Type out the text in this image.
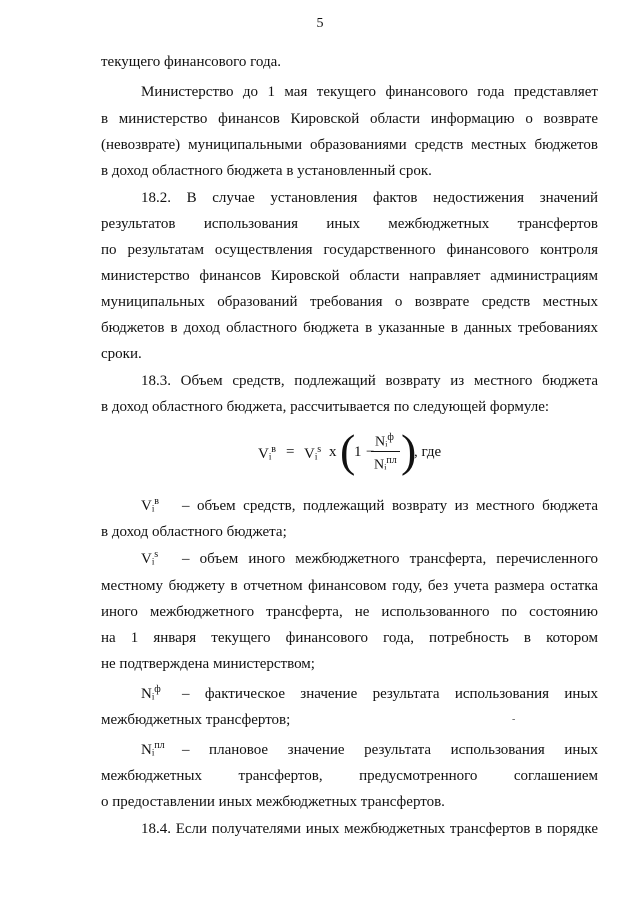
5
текущего финансового года.
Министерство до 1 мая текущего финансового года представляет
в министерство финансов Кировской области информацию о возврате
(невозврате) муниципальными образованиями средств местных бюджетов
в доход областного бюджета в установленный срок.
18.2. В случае установления фактов недостижения значений
результатов использования иных межбюджетных трансфертов
по результатам осуществления государственного финансового контроля
министерство финансов Кировской области направляет администрациям
муниципальных образований требования о возврате средств местных
бюджетов в доход областного бюджета в указанные в данных требованиях
сроки.
18.3. Объем средств, подлежащий возврату из местного бюджета
в доход областного бюджета, рассчитывается по следующей формуле:
Vᵢ$^в$ = Vᵢ$^s$ x (
1 −
Nᵢ$^ф$
Nᵢ$^{пл}$ )
, где
Vᵢ$^в$ – объем средств, подлежащий возврату из местного бюджета
в доход областного бюджета;
Vᵢ$^s$ – объем иного межбюджетного трансферта, перечисленного
местному бюджету в отчетном финансовом году, без учета размера остатка
иного межбюджетного трансферта, не использованного по состоянию
на 1 января текущего финансового года, потребность в котором
не подтверждена министерством;
Nᵢ$^ф$ – фактическое значение результата использования иных
межбюджетных трансфертов;	-
Nᵢ$^{пл}$ – плановое значение результата использования иных
межбюджетных трансфертов, предусмотренного соглашением
о предоставлении иных межбюджетных трансфертов.
18.4. Если получателями иных межбюджетных трансфертов в порядке
